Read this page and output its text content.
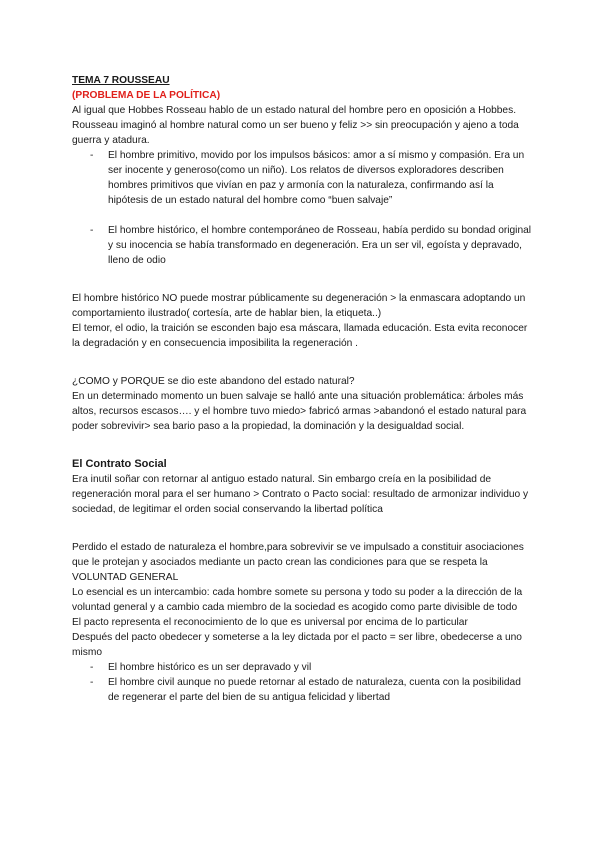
TEMA 7 ROUSSEAU

(PROBLEMA DE LA POLÍTICA)

Al igual que Hobbes Rosseau hablo de un estado natural del hombre pero en oposición a Hobbes. Rousseau imaginó al hombre natural como un ser bueno y feliz >> sin preocupación y ajeno a toda guerra y atadura.

- El hombre primitivo, movido por los impulsos básicos: amor a sí mismo y compasión. Era un ser inocente y generoso(como un niño). Los relatos de diversos exploradores describen hombres primitivos que vivían en paz y armonía con la naturaleza, confirmando así la hipótesis de un estado natural del hombre como “buen salvaje”
- El hombre histórico, el hombre contemporáneo de Rosseau, había perdido su bondad original y su inocencia se había transformado en degeneración. Era un ser vil, egoísta y depravado, lleno de odio

El hombre histórico NO puede mostrar públicamente su degeneración > la enmascara adoptando un comportamiento ilustrado( cortesía, arte de hablar bien, la etiqueta..)

El temor, el odio, la traición se esconden bajo esa máscara, llamada educación. Esta evita reconocer la degradación y en consecuencia imposibilita la regeneración .

¿COMO y PORQUE se dio este abandono del estado natural?

En un determinado momento un buen salvaje se halló ante una situación problemática: árboles más altos, recursos escasos…. y el hombre tuvo miedo> fabricó armas >abandonó el estado natural para poder sobrevivir> sea bario paso a la propiedad, la dominación y la desigualdad social.

El Contrato Social

Era inutil soñar con retornar al antiguo estado natural. Sin embargo creía en la posibilidad de regeneración moral para el ser humano > Contrato o Pacto social: resultado de armonizar individuo y sociedad, de legitimar el orden social conservando la libertad política

Perdido el estado de naturaleza el hombre,para sobrevivir se ve impulsado a constituir asociaciones que le protejan y asociados mediante un pacto crean las condiciones para que se respeta la VOLUNTAD GENERAL

Lo esencial es un intercambio: cada hombre somete su persona y todo su poder a la dirección de la voluntad general y a cambio cada miembro de la sociedad es acogido como parte divisible de todo

El pacto representa el reconocimiento de lo que es universal por encima de lo particular

Después del pacto obedecer y someterse a la ley dictada por el pacto = ser libre, obedecerse a uno mismo

- El hombre histórico es un ser depravado y vil
- El hombre civil aunque no puede retornar al estado de naturaleza, cuenta con la posibilidad de regenerar el parte del bien de su antigua felicidad y libertad
